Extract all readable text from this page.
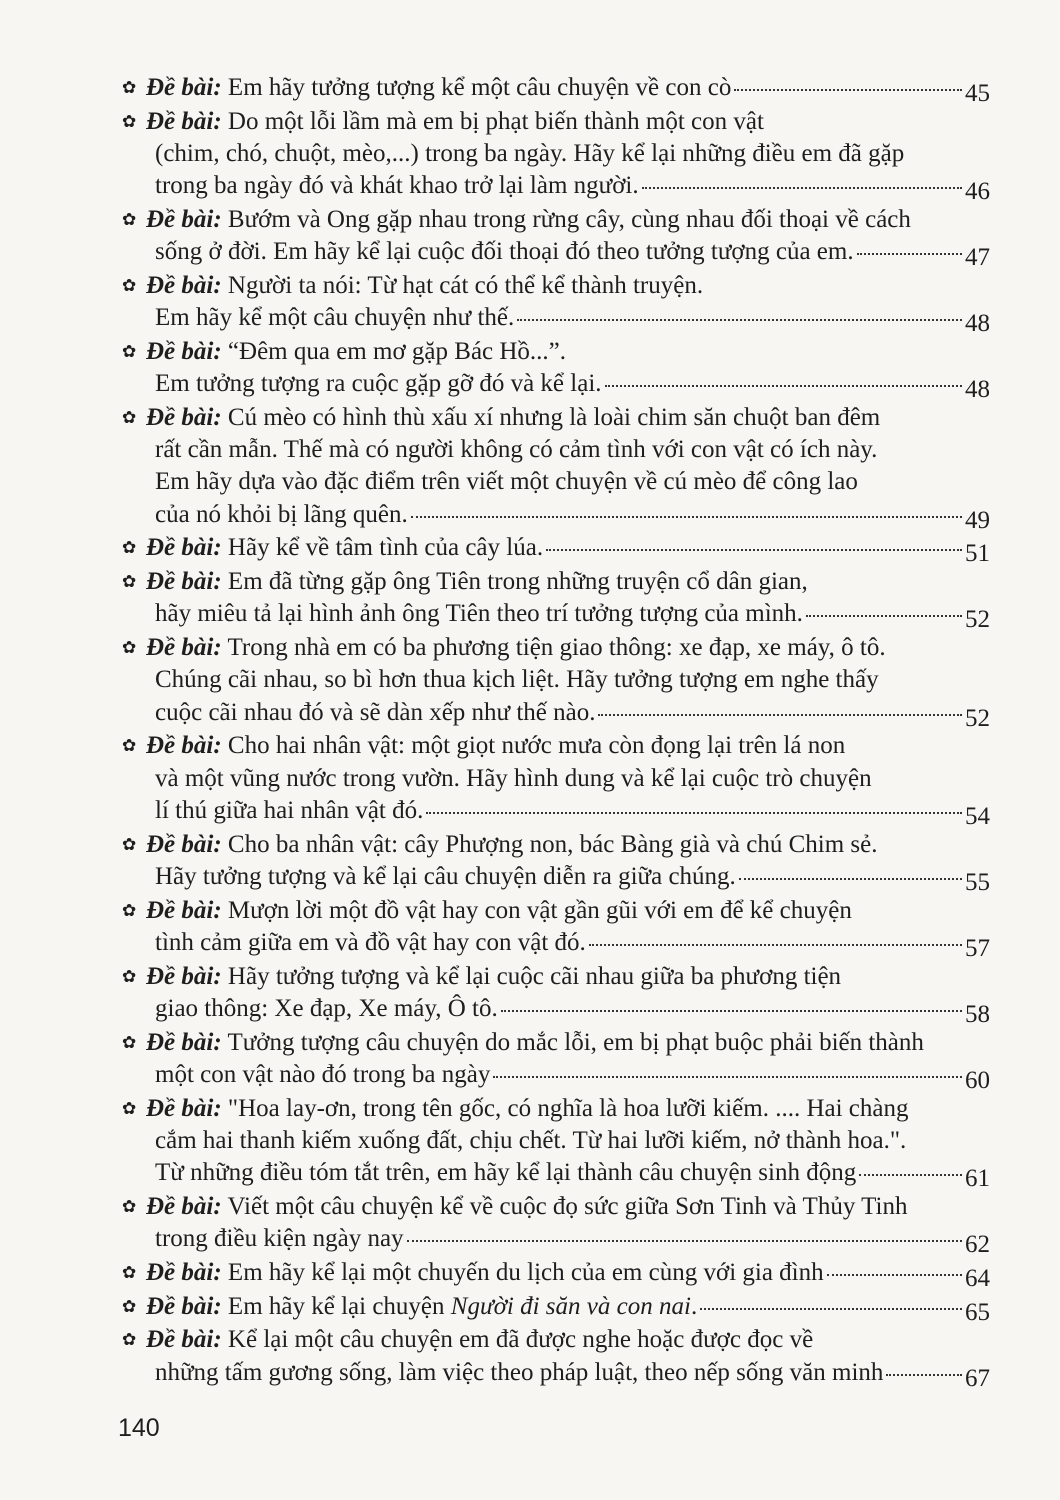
✿ Đề bài: Em hãy tưởng tượng kể một câu chuyện về con cò	45
✿ Đề bài: Do một lỗi lầm mà em bị phạt biến thành một con vật
(chim, chó, chuột, mèo,...) trong ba ngày. Hãy kể lại những điều em đã gặp
trong ba ngày đó và khát khao trở lại làm người.	46
✿ Đề bài: Bướm và Ong gặp nhau trong rừng cây, cùng nhau đối thoại về cách
sống ở đời. Em hãy kể lại cuộc đối thoại đó theo tưởng tượng của em.	47
✿ Đề bài: Người ta nói: Từ hạt cát có thể kể thành truyện.
Em hãy kể một câu chuyện như thế.	48
✿ Đề bài: “Đêm qua em mơ gặp Bác Hồ...”.
Em tưởng tượng ra cuộc gặp gỡ đó và kể lại.	48
✿ Đề bài: Cú mèo có hình thù xấu xí nhưng là loài chim săn chuột ban đêm
rất cần mẫn. Thế mà có người không có cảm tình với con vật có ích này.
Em hãy dựa vào đặc điểm trên viết một chuyện về cú mèo để công lao
của nó khỏi bị lãng quên.	49
✿ Đề bài: Hãy kể về tâm tình của cây lúa.	51
✿ Đề bài: Em đã từng gặp ông Tiên trong những truyện cổ dân gian,
hãy miêu tả lại hình ảnh ông Tiên theo trí tưởng tượng của mình.	52
✿ Đề bài: Trong nhà em có ba phương tiện giao thông: xe đạp, xe máy, ô tô.
Chúng cãi nhau, so bì hơn thua kịch liệt. Hãy tưởng tượng em nghe thấy
cuộc cãi nhau đó và sẽ dàn xếp như thế nào.	52
✿ Đề bài: Cho hai nhân vật: một giọt nước mưa còn đọng lại trên lá non
và một vũng nước trong vườn. Hãy hình dung và kể lại cuộc trò chuyện
lí thú giữa hai nhân vật đó.	54
✿ Đề bài: Cho ba nhân vật: cây Phượng non, bác Bàng già và chú Chim sẻ.
Hãy tưởng tượng và kể lại câu chuyện diễn ra giữa chúng.	55
✿ Đề bài: Mượn lời một đồ vật hay con vật gần gũi với em để kể chuyện
tình cảm giữa em và đồ vật hay con vật đó.	57
✿ Đề bài: Hãy tưởng tượng và kể lại cuộc cãi nhau giữa ba phương tiện
giao thông: Xe đạp, Xe máy, Ô tô.	58
✿ Đề bài: Tưởng tượng câu chuyện do mắc lỗi, em bị phạt buộc phải biến thành
một con vật nào đó trong ba ngày	60
✿ Đề bài: "Hoa lay-ơn, trong tên gốc, có nghĩa là hoa lưỡi kiếm. .... Hai chàng
cắm hai thanh kiếm xuống đất, chịu chết. Từ hai lưỡi kiếm, nở thành hoa.".
Từ những điều tóm tắt trên, em hãy kể lại thành câu chuyện sinh động	61
✿ Đề bài: Viết một câu chuyện kể về cuộc đọ sức giữa Sơn Tinh và Thủy Tinh
trong điều kiện ngày nay	62
✿ Đề bài: Em hãy kể lại một chuyến du lịch của em cùng với gia đình	64
✿ Đề bài: Em hãy kể lại chuyện Người đi săn và con nai.	65
✿ Đề bài: Kể lại một câu chuyện em đã được nghe hoặc được đọc về
những tấm gương sống, làm việc theo pháp luật, theo nếp sống văn minh	67
140
